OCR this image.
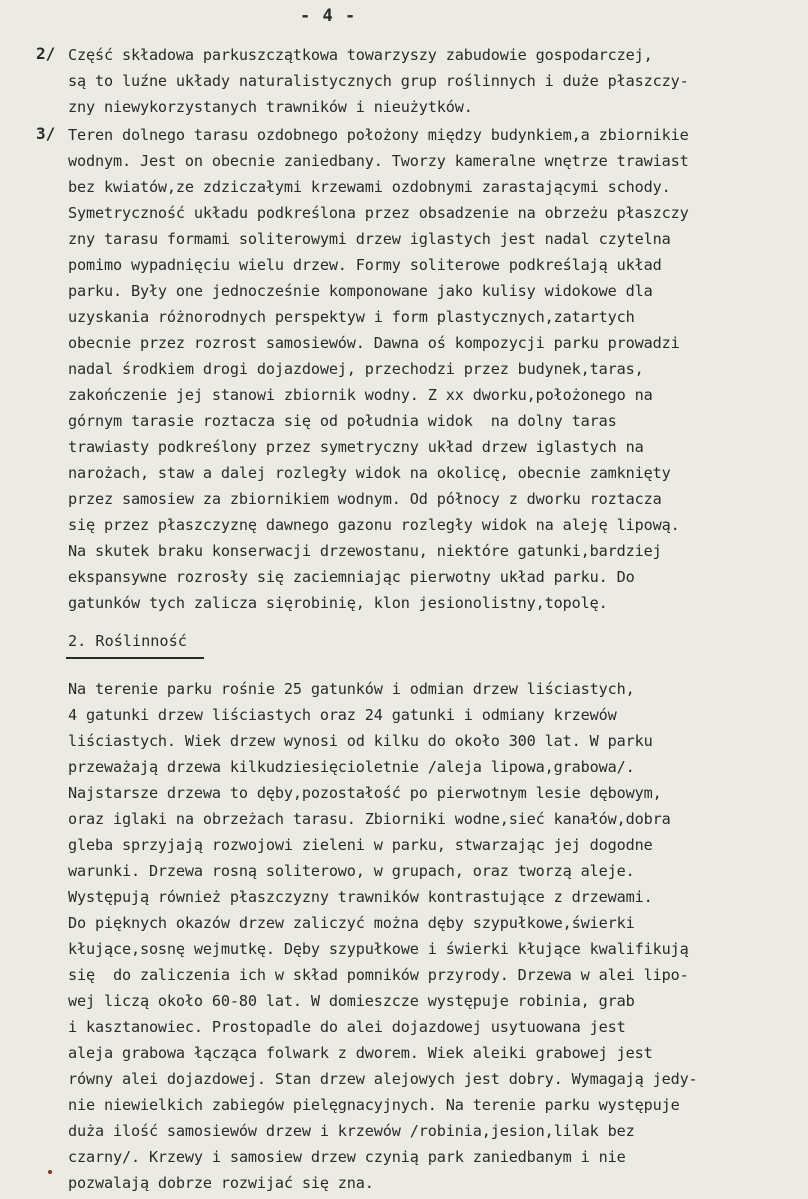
- 4 -
2/ Część składowa parkuszczątkowa towarzyszy zabudowie gospodarczej,
są to luźne układy naturalistycznych grup roślinnych i duże płaszczy-
zny niewykorzystanych trawników i nieużytków.
3/ Teren dolnego tarasu ozdobnego położony między budynkiem,a zbiornikie
wodnym. Jest on obecnie zaniedbany. Tworzy kameralne wnętrze trawiast
bez kwiatów,ze zdziczałymi krzewami ozdobnymi zarastającymi schody.
Symetryczność układu podkreślona przez obsadzenie na obrzeżu płaszczy
zny tarasu formami soliterowymi drzew iglastych jest nadal czytelna
pomimo wypadnięciu wielu drzew. Formy soliterowe podkreślają układ
parku. Były one jednocześnie komponowane jako kulisy widokowe dla
uzyskania różnorodnych perspektyw i form plastycznych,zatartych
obecnie przez rozrost samosiewów. Dawna oś kompozycji parku prowadzi
nadal środkiem drogi dojazdowej, przechodzi przez budynek,taras,
zakończenie jej stanowi zbiornik wodny. Z xx dworku,położonego na
górnym tarasie roztacza się od południa widok  na dolny taras
trawiasty podkreślony przez symetryczny układ drzew iglastych na
narożach, staw a dalej rozległy widok na okolicę, obecnie zamknięty
przez samosiew za zbiornikiem wodnym. Od północy z dworku roztacza
się przez płaszczyznę dawnego gazonu rozległy widok na aleję lipową.
Na skutek braku konserwacji drzewostanu, niektóre gatunki,bardziej
ekspansywne rozrosły się zaciemniając pierwotny układ parku. Do
gatunków tych zalicza sięrobinię, klon jesionolistny,topolę.
2. Roślinność
Na terenie parku rośnie 25 gatunków i odmian drzew liściastych,
4 gatunki drzew liściastych oraz 24 gatunki i odmiany krzewów
liściastych. Wiek drzew wynosi od kilku do około 300 lat. W parku
przeważają drzewa kilkudziesięcioletnie /aleja lipowa,grabowa/.
Najstarsze drzewa to dęby,pozostałość po pierwotnym lesie dębowym,
oraz iglaki na obrzeżach tarasu. Zbiorniki wodne,sieć kanałów,dobra
gleba sprzyjają rozwojowi zieleni w parku, stwarzając jej dogodne
warunki. Drzewa rosną soliterowo, w grupach, oraz tworzą aleje.
Występują również płaszczyzny trawników kontrastujące z drzewami.
Do pięknych okazów drzew zaliczyć można dęby szypułkowe,świerki
kłujące,sosnę wejmutkę. Dęby szypułkowe i świerki kłujące kwalifikują
się  do zaliczenia ich w skład pomników przyrody. Drzewa w alei lipo-
wej liczą około 60-80 lat. W domieszcze występuje robinia, grab
i kasztanowiec. Prostopadle do alei dojazdowej usytuowana jest
aleja grabowa łącząca folwark z dworem. Wiek aleiki grabowej jest
równy alei dojazdowej. Stan drzew alejowych jest dobry. Wymagają jedy-
nie niewielkich zabiegów pielęgnacyjnych. Na terenie parku występuje
duża ilość samosiewów drzew i krzewów /robinia,jesion,lilak bez
czarny/. Krzewy i samosiew drzew czynią park zaniedbanym i nie
pozwalają dobrze rozwijać się zna.
